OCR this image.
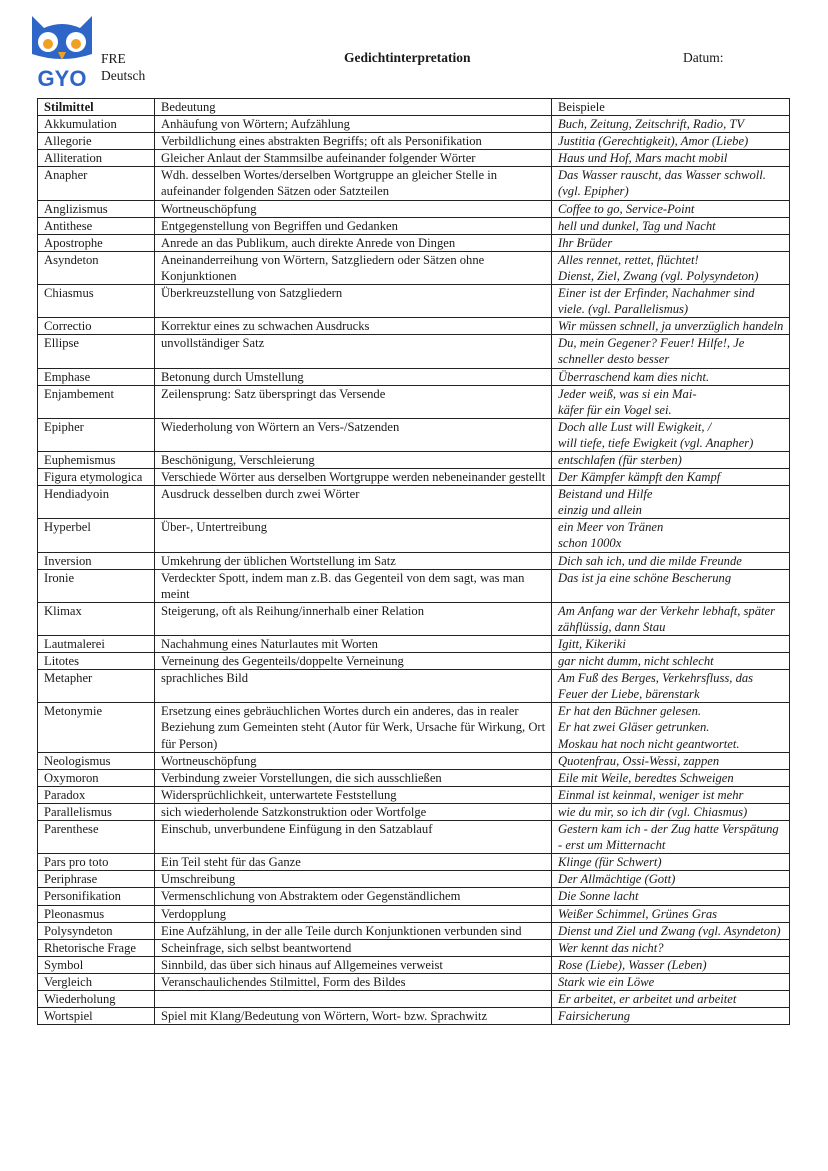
GYO
FRE
Deutsch
Gedichtinterpretation	Datum:
Stilmittel	Bedeutung	Beispiele
Akkumulation	Anhäufung von Wörtern; Aufzählung	Buch, Zeitung, Zeitschrift, Radio, TV
Allegorie	Verbildlichung eines abstrakten Begriffs; oft als Personifikation	Justitia (Gerechtigkeit), Amor (Liebe)
Alliteration	Gleicher Anlaut der Stammsilbe aufeinander folgender Wörter	Haus und Hof, Mars macht mobil
Anapher	Wdh. desselben Wortes/derselben Wortgruppe an gleicher Stelle in aufeinander folgenden Sätzen oder Satzteilen	Das Wasser rauscht, das Wasser schwoll. (vgl. Epipher)
Anglizismus	Wortneuschöpfung	Coffee to go, Service-Point
Antithese	Entgegenstellung von Begriffen und Gedanken	hell und dunkel, Tag und Nacht
Apostrophe	Anrede an das Publikum, auch direkte Anrede von Dingen	Ihr Brüder
Asyndeton	Aneinanderreihung von Wörtern, Satzgliedern oder Sätzen ohne Konjunktionen	Alles rennet, rettet, flüchtet!
Dienst, Ziel, Zwang (vgl. Polysyndeton)
Chiasmus	Überkreuzstellung von Satzgliedern	Einer ist der Erfinder, Nachahmer sind viele. (vgl. Parallelismus)
Correctio	Korrektur eines zu schwachen Ausdrucks	Wir müssen schnell, ja unverzüglich handeln
Ellipse	unvollständiger Satz	Du, mein Gegener? Feuer! Hilfe!, Je schneller desto besser
Emphase	Betonung durch Umstellung	Überraschend kam dies nicht.
Enjambement	Zeilensprung: Satz überspringt das Versende	Jeder weiß, was si ein Mai-
käfer für ein Vogel sei.
Epipher	Wiederholung von Wörtern an Vers-/Satzenden	Doch alle Lust will Ewigkeit, /
will tiefe, tiefe Ewigkeit (vgl. Anapher)
Euphemismus	Beschönigung, Verschleierung	entschlafen (für sterben)
Figura etymologica	Verschiede Wörter aus derselben Wortgruppe werden nebeneinander gestellt	Der Kämpfer kämpft den Kampf
Hendiadyoin	Ausdruck desselben durch zwei Wörter	Beistand und Hilfe
einzig und allein
Hyperbel	Über-, Untertreibung	ein Meer von Tränen
schon 1000x
Inversion	Umkehrung der üblichen Wortstellung im Satz	Dich sah ich, und die milde Freunde
Ironie	Verdeckter Spott, indem man z.B. das Gegenteil von dem sagt, was man meint	Das ist ja eine schöne Bescherung
Klimax	Steigerung, oft als Reihung/innerhalb einer Relation	Am Anfang war der Verkehr lebhaft, später zähflüssig, dann Stau
Lautmalerei	Nachahmung eines Naturlautes mit Worten	Igitt, Kikeriki
Litotes	Verneinung des Gegenteils/doppelte Verneinung	gar nicht dumm, nicht schlecht
Metapher	sprachliches Bild	Am Fuß des Berges, Verkehrsfluss, das Feuer der Liebe, bärenstark
Metonymie	Ersetzung eines gebräuchlichen Wortes durch ein anderes, das in realer Beziehung zum Gemeinten steht (Autor für Werk, Ursache für Wirkung, Ort für Person)	Er hat den Büchner gelesen.
Er hat zwei Gläser getrunken.
Moskau hat noch nicht geantwortet.
Neologismus	Wortneuschöpfung	Quotenfrau, Ossi-Wessi, zappen
Oxymoron	Verbindung zweier Vorstellungen, die sich ausschließen	Eile mit Weile, beredtes Schweigen
Paradox	Widersprüchlichkeit, unterwartete Feststellung	Einmal ist keinmal, weniger ist mehr
Parallelismus	sich wiederholende Satzkonstruktion oder Wortfolge	wie du mir, so ich dir (vgl. Chiasmus)
Parenthese	Einschub, unverbundene Einfügung in den Satzablauf	Gestern kam ich - der Zug hatte Verspätung - erst um Mitternacht
Pars pro toto	Ein Teil steht für das Ganze	Klinge (für Schwert)
Periphrase	Umschreibung	Der Allmächtige (Gott)
Personifikation	Vermenschlichung von Abstraktem oder Gegenständlichem	Die Sonne lacht
Pleonasmus	Verdopplung	Weißer Schimmel, Grünes Gras
Polysyndeton	Eine Aufzählung, in der alle Teile durch Konjunktionen verbunden sind	Dienst und Ziel und Zwang (vgl. Asyndeton)
Rhetorische Frage	Scheinfrage, sich selbst beantwortend	Wer kennt das nicht?
Symbol	Sinnbild, das über sich hinaus auf Allgemeines verweist	Rose (Liebe), Wasser (Leben)
Vergleich	Veranschaulichendes Stilmittel, Form des Bildes	Stark wie ein Löwe
Wiederholung		Er arbeitet, er arbeitet und arbeitet
Wortspiel	Spiel mit Klang/Bedeutung von Wörtern, Wort- bzw. Sprachwitz	Fairsicherung
